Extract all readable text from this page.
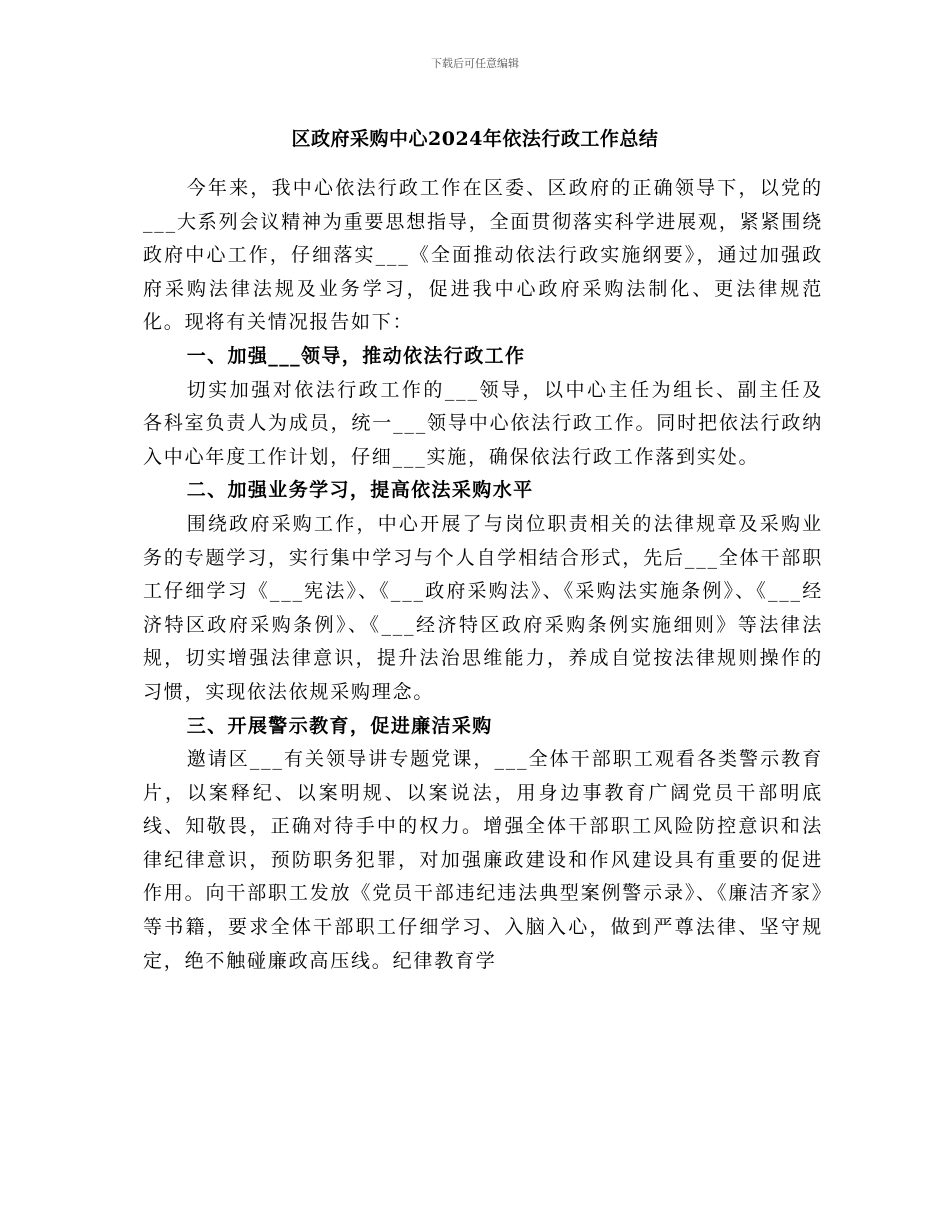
下载后可任意编辑
区政府采购中心2024年依法行政工作总结

今年来，我中心依法行政工作在区委、区政府的正确领导下，以党的___大系列会议精神为重要思想指导，全面贯彻落实科学进展观，紧紧围绕政府中心工作，仔细落实___《全面推动依法行政实施纲要》，通过加强政府采购法律法规及业务学习，促进我中心政府采购法制化、更法律规范化。现将有关情况报告如下：

一、加强___领导，推动依法行政工作

切实加强对依法行政工作的___领导，以中心主任为组长、副主任及各科室负责人为成员，统一___领导中心依法行政工作。同时把依法行政纳入中心年度工作计划，仔细___实施，确保依法行政工作落到实处。

二、加强业务学习，提高依法采购水平

围绕政府采购工作，中心开展了与岗位职责相关的法律规章及采购业务的专题学习，实行集中学习与个人自学相结合形式，先后___全体干部职工仔细学习《___宪法》、《___政府采购法》、《采购法实施条例》、《___经济特区政府采购条例》、《___经济特区政府采购条例实施细则》等法律法规，切实增强法律意识，提升法治思维能力，养成自觉按法律规则操作的习惯，实现依法依规采购理念。

三、开展警示教育，促进廉洁采购

邀请区___有关领导讲专题党课，___全体干部职工观看各类警示教育片，以案释纪、以案明规、以案说法，用身边事教育广阔党员干部明底线、知敬畏，正确对待手中的权力。增强全体干部职工风险防控意识和法律纪律意识，预防职务犯罪，对加强廉政建设和作风建设具有重要的促进作用。向干部职工发放《党员干部违纪违法典型案例警示录》、《廉洁齐家》等书籍，要求全体干部职工仔细学习、入脑入心，做到严尊法律、坚守规定，绝不触碰廉政高压线。纪律教育学
